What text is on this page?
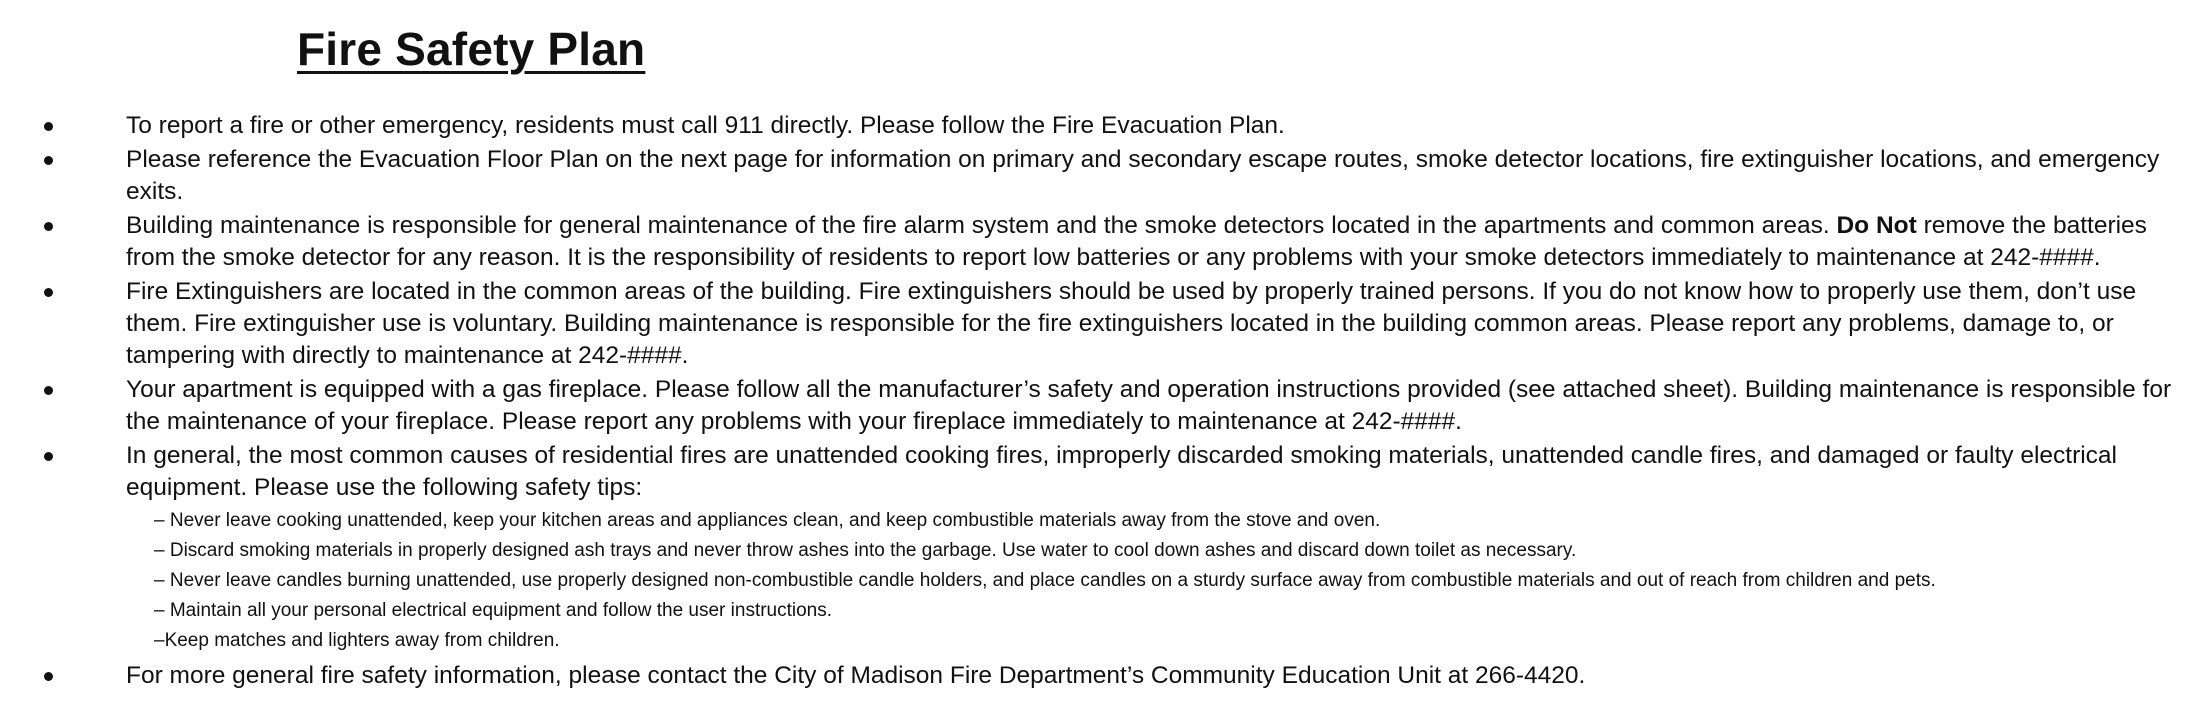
Fire Safety Plan
To report a fire or other emergency, residents must call 911 directly. Please follow the Fire Evacuation Plan.
Please reference the Evacuation Floor Plan on the next page for information on primary and secondary escape routes, smoke detector locations, fire extinguisher locations, and emergency exits.
Building maintenance is responsible for general maintenance of the fire alarm system and the smoke detectors located in the apartments and common areas. Do Not remove the batteries from the smoke detector for any reason. It is the responsibility of residents to report low batteries or any problems with your smoke detectors immediately to maintenance at 242-####.
Fire Extinguishers are located in the common areas of the building. Fire extinguishers should be used by properly trained persons. If you do not know how to properly use them, don’t use them. Fire extinguisher use is voluntary. Building maintenance is responsible for the fire extinguishers located in the building common areas. Please report any problems, damage to, or tampering with directly to maintenance at 242-####.
Your apartment is equipped with a gas fireplace. Please follow all the manufacturer’s safety and operation instructions provided (see attached sheet). Building maintenance is responsible for the maintenance of your fireplace. Please report any problems with your fireplace immediately to maintenance at 242-####.
In general, the most common causes of residential fires are unattended cooking fires, improperly discarded smoking materials, unattended candle fires, and damaged or faulty electrical equipment. Please use the following safety tips:
– Never leave cooking unattended, keep your kitchen areas and appliances clean, and keep combustible materials away from the stove and oven.
– Discard smoking materials in properly designed ash trays and never throw ashes into the garbage. Use water to cool down ashes and discard down toilet as necessary.
– Never leave candles burning unattended, use properly designed non-combustible candle holders, and place candles on a sturdy surface away from combustible materials and out of reach from children and pets.
– Maintain all your personal electrical equipment and follow the user instructions.
–Keep matches and lighters away from children.
For more general fire safety information, please contact the City of Madison Fire Department’s Community Education Unit at 266-4420.
